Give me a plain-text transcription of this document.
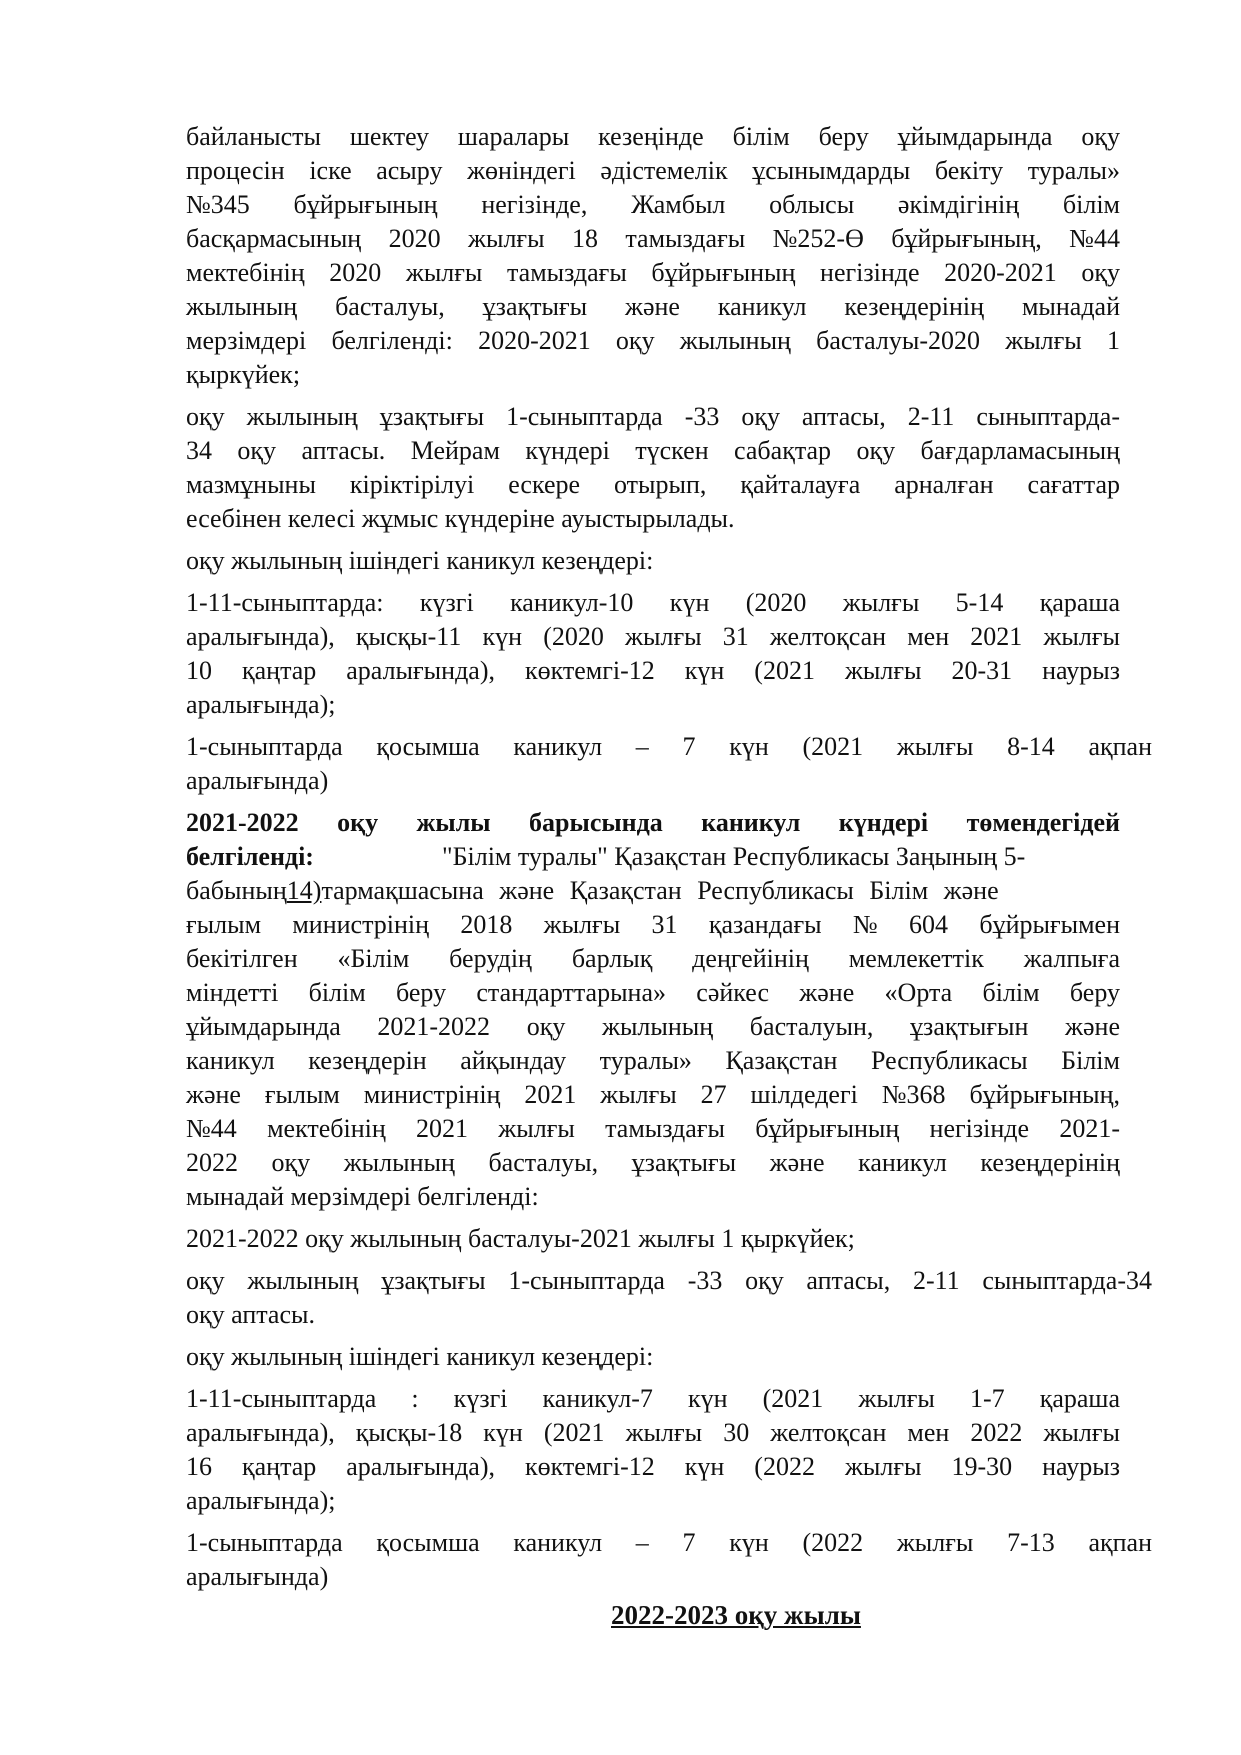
байланысты шектеу шаралары кезеңінде білім беру ұйымдарында оқу
процесін іске асыру жөніндегі әдістемелік ұсынымдарды бекіту туралы»
№345 бұйрығының негізінде, Жамбыл облысы әкімдігінің білім
басқармасының 2020 жылғы 18 тамыздағы №252-Ө бұйрығының, №44
мектебінің 2020 жылғы тамыздағы бұйрығының негізінде 2020-2021 оқу
жылының басталуы, ұзақтығы және каникул кезеңдерінің мынадай
мерзімдері белгіленді: 2020-2021 оқу жылының басталуы-2020 жылғы 1
қыркүйек;
оқу жылының ұзақтығы 1-сыныптарда -33 оқу аптасы, 2-11 сыныптарда-
34 оқу аптасы. Мейрам күндері түскен сабақтар оқу бағдарламасының
мазмұныны кіріктірілуі ескере отырып, қайталауға арналған сағаттар
есебінен келесі жұмыс күндеріне ауыстырылады.
оқу жылының ішіндегі каникул кезеңдері:
1-11-сыныптарда: күзгі каникул-10 күн (2020 жылғы 5-14 қараша
аралығында), қысқы-11 күн (2020 жылғы 31 желтоқсан мен 2021 жылғы
10 қаңтар аралығында), көктемгі-12 күн (2021 жылғы 20-31 наурыз
аралығында);
1-сыныптарда қосымша каникул – 7 күн (2021 жылғы 8-14 ақпан
аралығында)
2021-2022 оқу жылы барысында каникул күндері төмендегідей
белгіленді:	"Білім туралы" Қазақстан Республикасы Заңының 5-
бабының14)тармақшасына және Қазақстан Республикасы Білім және
ғылым министрінің 2018 жылғы 31 қазандағы № 604 бұйрығымен
бекітілген «Білім берудің барлық деңгейінің мемлекеттік жалпыға
міндетті білім беру стандарттарына» сәйкес және «Орта білім беру
ұйымдарында 2021-2022 оқу жылының басталуын, ұзақтығын және
каникул кезеңдерін айқындау туралы» Қазақстан Республикасы Білім
және ғылым министрінің 2021 жылғы 27 шілдедегі №368 бұйрығының,
№44 мектебінің 2021 жылғы тамыздағы бұйрығының негізінде 2021-
2022 оқу жылының басталуы, ұзақтығы және каникул кезеңдерінің
мынадай мерзімдері белгіленді:
2021-2022 оқу жылының басталуы-2021 жылғы 1 қыркүйек;
оқу жылының ұзақтығы 1-сыныптарда -33 оқу аптасы, 2-11 сыныптарда-34
оқу аптасы.
оқу жылының ішіндегі каникул кезеңдері:
1-11-сыныптарда : күзгі каникул-7 күн (2021 жылғы 1-7 қараша
аралығында), қысқы-18 күн (2021 жылғы 30 желтоқсан мен 2022 жылғы
16 қаңтар аралығында), көктемгі-12 күн (2022 жылғы 19-30 наурыз
аралығында);
1-сыныптарда қосымша каникул – 7 күн (2022 жылғы 7-13 ақпан
аралығында)
2022-2023 оқу жылы
